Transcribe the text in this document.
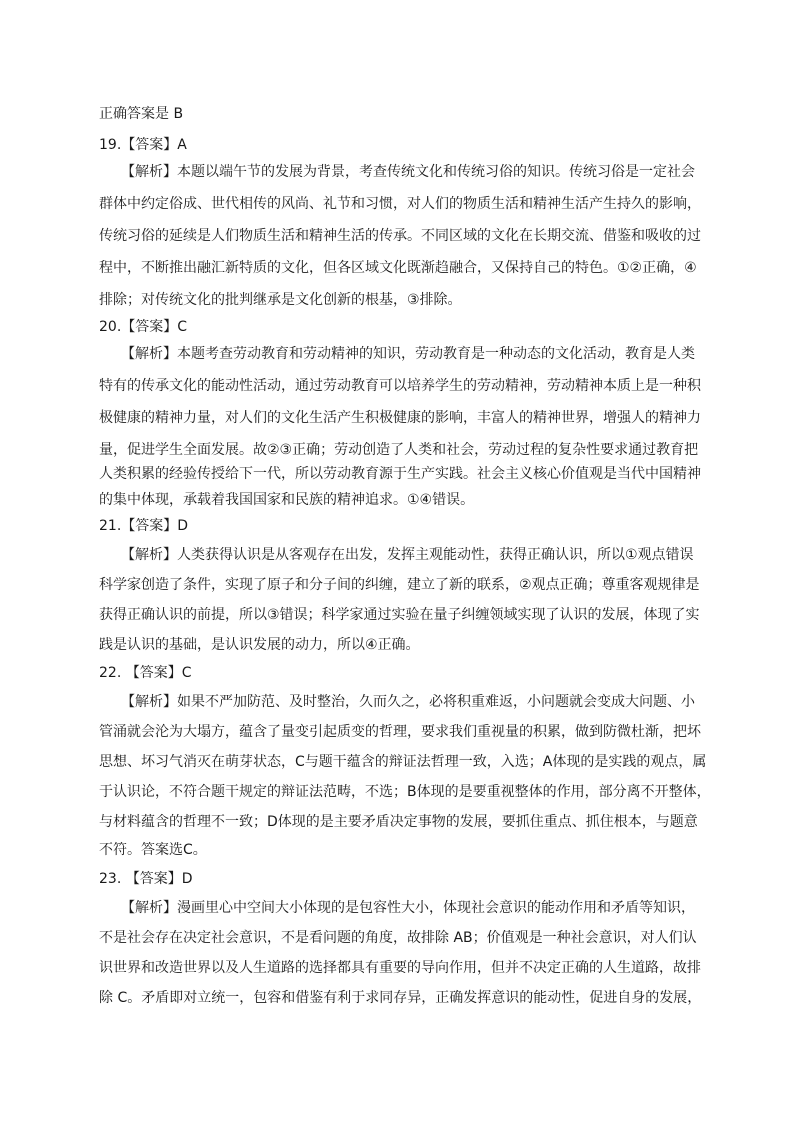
正确答案是 B
19.【答案】A
【解析】本题以端午节的发展为背景，考查传统文化和传统习俗的知识。传统习俗是一定社会
群体中约定俗成、世代相传的风尚、礼节和习惯，对人们的物质生活和精神生活产生持久的影响，
传统习俗的延续是人们物质生活和精神生活的传承。不同区域的文化在长期交流、借鉴和吸收的过
程中，不断推出融汇新特质的文化，但各区域文化既渐趋融合，又保持自己的特色。①②正确，④
排除；对传统文化的批判继承是文化创新的根基，③排除。
20.【答案】C
【解析】本题考查劳动教育和劳动精神的知识，劳动教育是一种动态的文化活动，教育是人类
特有的传承文化的能动性活动，通过劳动教育可以培养学生的劳动精神，劳动精神本质上是一种积
极健康的精神力量，对人们的文化生活产生积极健康的影响，丰富人的精神世界，增强人的精神力
量，促进学生全面发展。故②③正确；劳动创造了人类和社会，劳动过程的复杂性要求通过教育把
人类积累的经验传授给下一代，所以劳动教育源于生产实践。社会主义核心价值观是当代中国精神
的集中体现，承载着我国国家和民族的精神追求。①④错误。
21.【答案】D
【解析】人类获得认识是从客观存在出发，发挥主观能动性，获得正确认识，所以①观点错误
科学家创造了条件，实现了原子和分子间的纠缠，建立了新的联系，②观点正确；尊重客观规律是
获得正确认识的前提，所以③错误；科学家通过实验在量子纠缠领域实现了认识的发展，体现了实
践是认识的基础，是认识发展的动力，所以④正确。
22. 【答案】C
【解析】如果不严加防范、及时整治，久而久之，必将积重难返，小问题就会变成大问题、小
管涌就会沦为大塌方，蕴含了量变引起质变的哲理，要求我们重视量的积累，做到防微杜渐，把坏
思想、坏习气消灭在萌芽状态，C与题干蕴含的辩证法哲理一致，入选；A体现的是实践的观点，属
于认识论，不符合题干规定的辩证法范畴，不选；B体现的是要重视整体的作用，部分离不开整体，
与材料蕴含的哲理不一致；D体现的是主要矛盾决定事物的发展，要抓住重点、抓住根本，与题意
不符。答案选C。
23. 【答案】D
【解析】漫画里心中空间大小体现的是包容性大小，体现社会意识的能动作用和矛盾等知识，
不是社会存在决定社会意识，不是看问题的角度，故排除 AB；价值观是一种社会意识，对人们认
识世界和改造世界以及人生道路的选择都具有重要的导向作用，但并不决定正确的人生道路，故排
除 C。矛盾即对立统一，包容和借鉴有利于求同存异，正确发挥意识的能动性，促进自身的发展，
